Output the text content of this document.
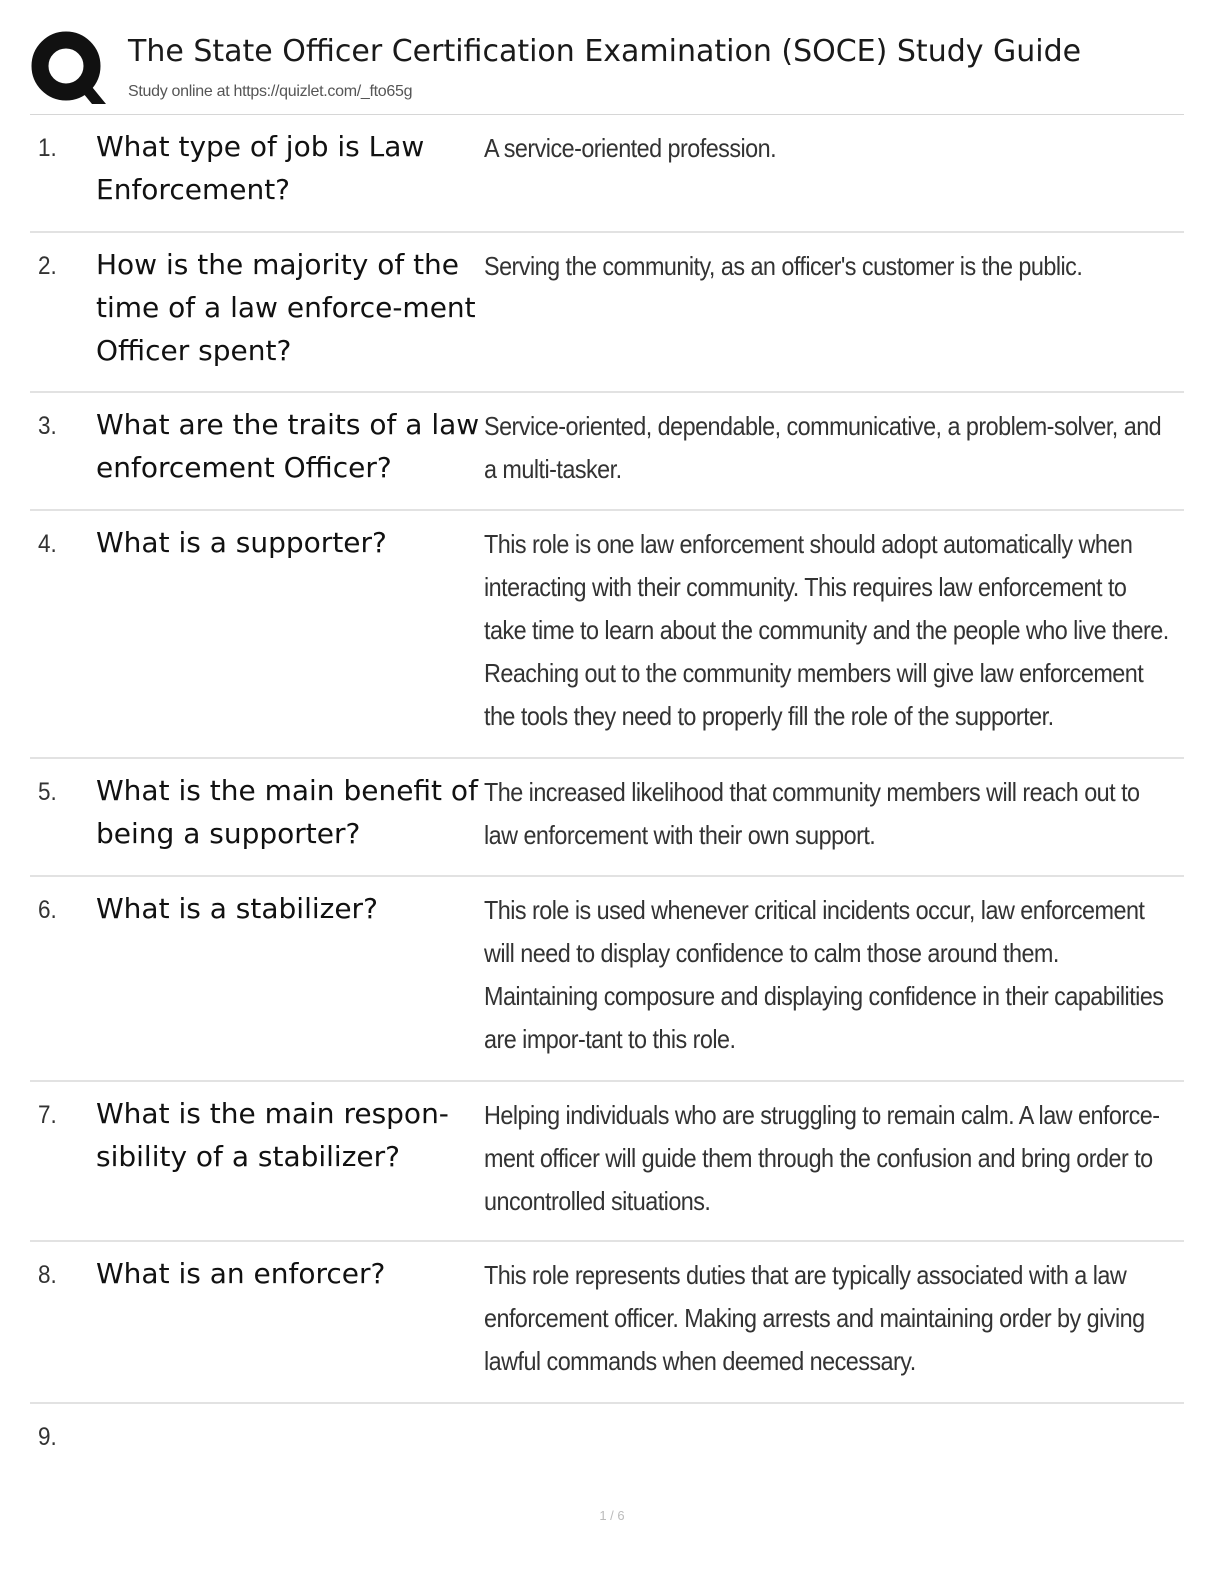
The State Officer Certification Examination (SOCE) Study Guide
Study online at https://quizlet.com/_fto65g
1.	What type of job is Law Enforcement?
A service-oriented profession.
2.	How is the majority of the time of a law enforce-ment Officer spent?
Serving the community, as an officer's customer is the public.
3.	What are the traits of a law enforcement Officer?
Service-oriented, dependable, communicative, a problem-solver, and a multi-tasker.
4.	What is a supporter?	This role is one law enforcement should adopt automatically when interacting with their community. This requires law enforcement to take time to learn about the community and the people who live there. Reaching out to the community members will give law enforcement the tools they need to properly fill the role of the supporter.
5.	What is the main benefit of being a supporter?
The increased likelihood that community members will reach out to law enforcement with their own support.
6.	What is a stabilizer?	This role is used whenever critical incidents occur, law enforcement will need to display confidence to calm those around them. Maintaining composure and displaying confidence in their capabilities are impor-tant to this role.
7.	What is the main respon-sibility of a stabilizer?
Helping individuals who are struggling to remain calm. A law enforce-ment officer will guide them through the confusion and bring order to uncontrolled situations.
8.	What is an enforcer?	This role represents duties that are typically associated with a law enforcement officer. Making arrests and maintaining order by giving lawful commands when deemed necessary.
9.
1 / 6
